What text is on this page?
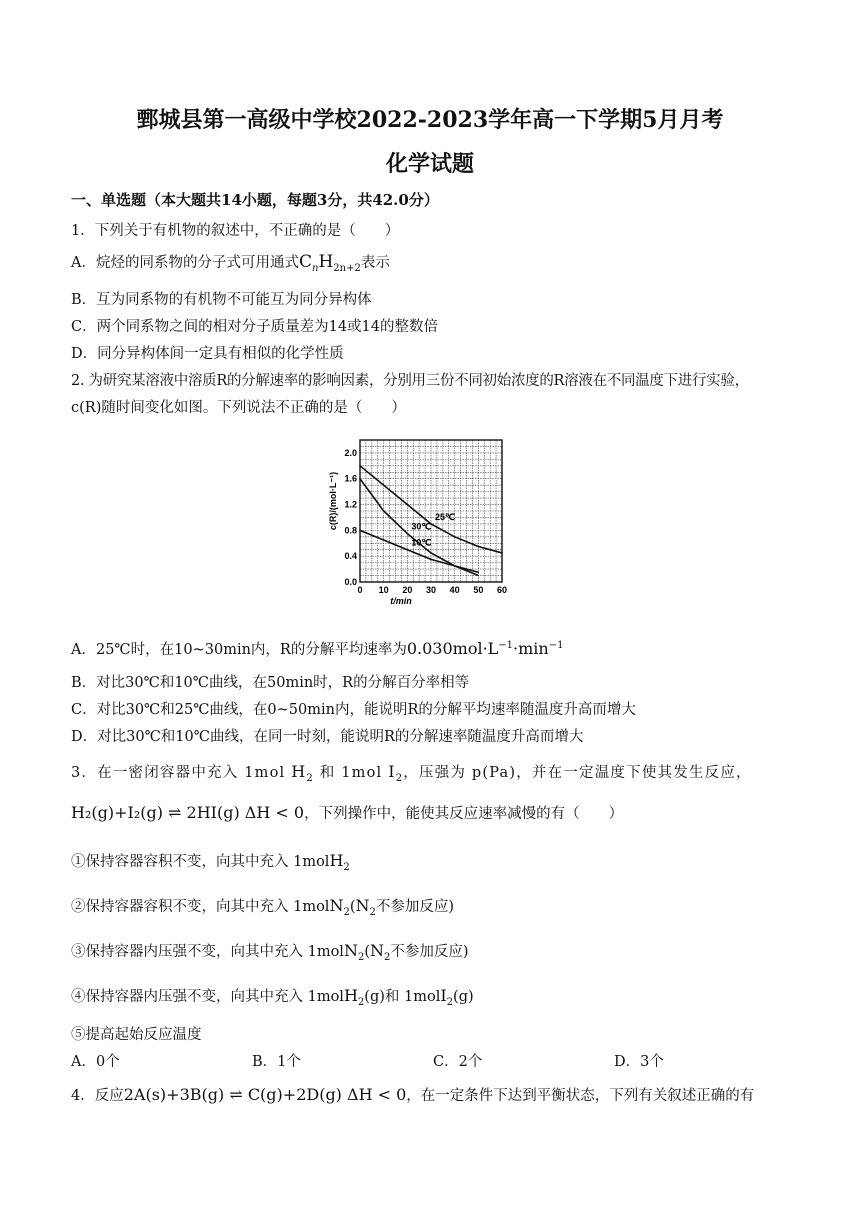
鄄城县第一高级中学校2022-2023学年高一下学期5月月考
化学试题
一、单选题（本大题共14小题，每题3分，共42.0分）
1．下列关于有机物的叙述中，不正确的是（　　）
A．烷烃的同系物的分子式可用通式$C_nH_{2n+2}$表示
B．互为同系物的有机物不可能互为同分异构体
C．两个同系物之间的相对分子质量差为14或14的整数倍
D．同分异构体间一定具有相似的化学性质
2. 为研究某溶液中溶质R的分解速率的影响因素，分别用三份不同初始浓度的R溶液在不同温度下进行实验，
c(R)随时间变化如图。下列说法不正确的是（　　）
0 10 20 30 40 50 60
0.0
0.4
0.8
1.2
1.6
2.0
t/min
c(R)/(mol·L⁻¹)	25℃
30℃
10℃
A．25℃时，在10~30min内，R的分解平均速率为$0.030mol\cdot L^{-1}\cdot\min^{-1}$
B．对比30℃和10℃曲线，在50min时，R的分解百分率相等
C．对比30℃和25℃曲线，在0~50min内，能说明R的分解平均速率随温度升高而增大
D．对比30℃和10℃曲线，在同一时刻，能说明R的分解速率随温度升高而增大
3．在一密闭容器中充入 1mol $H_2$ 和 1mol $I_2$，压强为 p(Pa)，并在一定温度下使其发生反应，
H₂(g)+I₂(g) ⇌ 2HI(g) ΔH < 0，下列操作中，能使其反应速率减慢的有（　　）
①保持容器容积不变，向其中充入 1molH$_2$
②保持容器容积不变，向其中充入 $1molN_2(N_2$不参加反应)
③保持容器内压强不变，向其中充入 $1molN_2(N_2$不参加反应)
④保持容器内压强不变，向其中充入 1molH$_2$(g)和 1molI$_2$(g)
⑤提高起始反应温度
A．0个	B．1个	C．2个	D．3个
4．反应2A(s)+3B(g) ⇌ C(g)+2D(g) ΔH < 0，在一定条件下达到平衡状态，下列有关叙述正确的有
